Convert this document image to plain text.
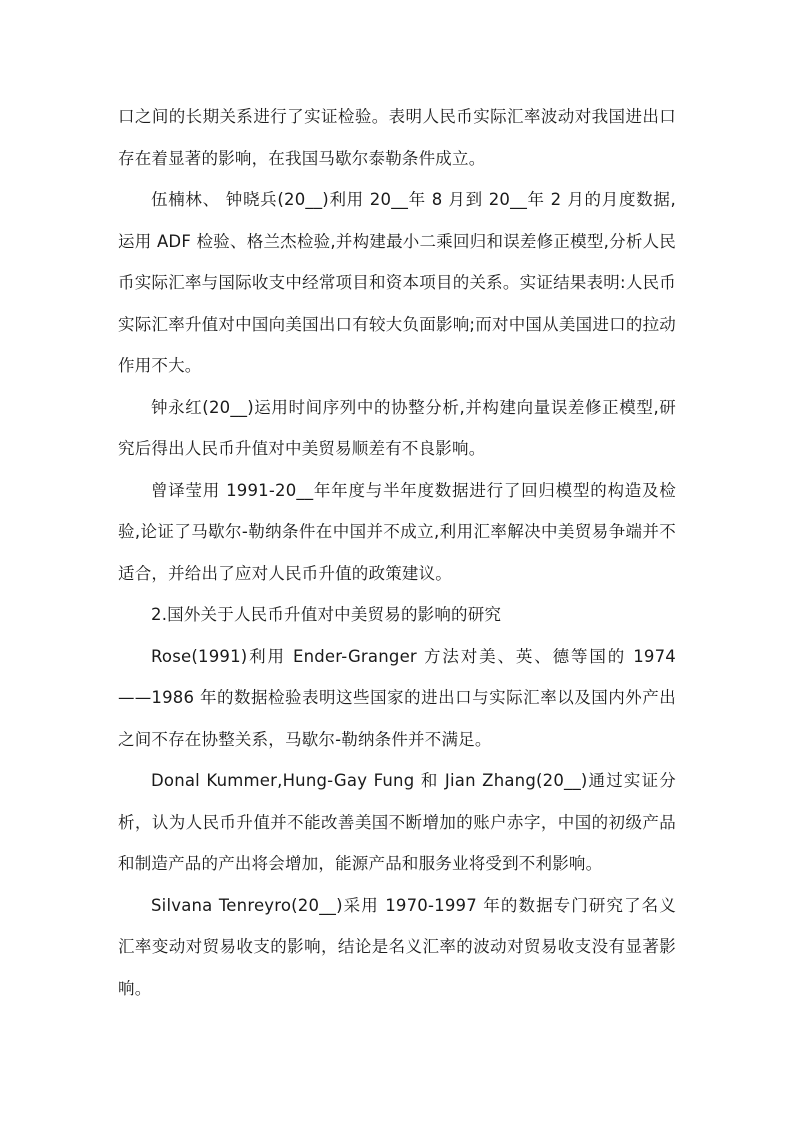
口之间的长期关系进行了实证检验。表明人民币实际汇率波动对我国进出口存在着显著的影响，在我国马歇尔泰勒条件成立。

伍楠林、 钟晓兵(20__)利用 20__年 8 月到 20__年 2 月的月度数据,运用 ADF 检验、格兰杰检验,并构建最小二乘回归和误差修正模型,分析人民币实际汇率与国际收支中经常项目和资本项目的关系。实证结果表明:人民币实际汇率升值对中国向美国出口有较大负面影响;而对中国从美国进口的拉动作用不大。

钟永红(20__)运用时间序列中的协整分析,并构建向量误差修正模型,研究后得出人民币升值对中美贸易顺差有不良影响。

曾译莹用 1991-20__年年度与半年度数据进行了回归模型的构造及检验,论证了马歇尔-勒纳条件在中国并不成立,利用汇率解决中美贸易争端并不适合，并给出了应对人民币升值的政策建议。

2.国外关于人民币升值对中美贸易的影响的研究

Rose(1991)利用 Ender-Granger 方法对美、英、德等国的 1974——1986 年的数据检验表明这些国家的进出口与实际汇率以及国内外产出之间不存在协整关系，马歇尔-勒纳条件并不满足。

Donal Kummer,Hung-Gay Fung 和 Jian Zhang(20__)通过实证分析，认为人民币升值并不能改善美国不断增加的账户赤字，中国的初级产品和制造产品的产出将会增加，能源产品和服务业将受到不利影响。

Silvana Tenreyro(20__)采用 1970-1997 年的数据专门研究了名义汇率变动对贸易收支的影响，结论是名义汇率的波动对贸易收支没有显著影响。
